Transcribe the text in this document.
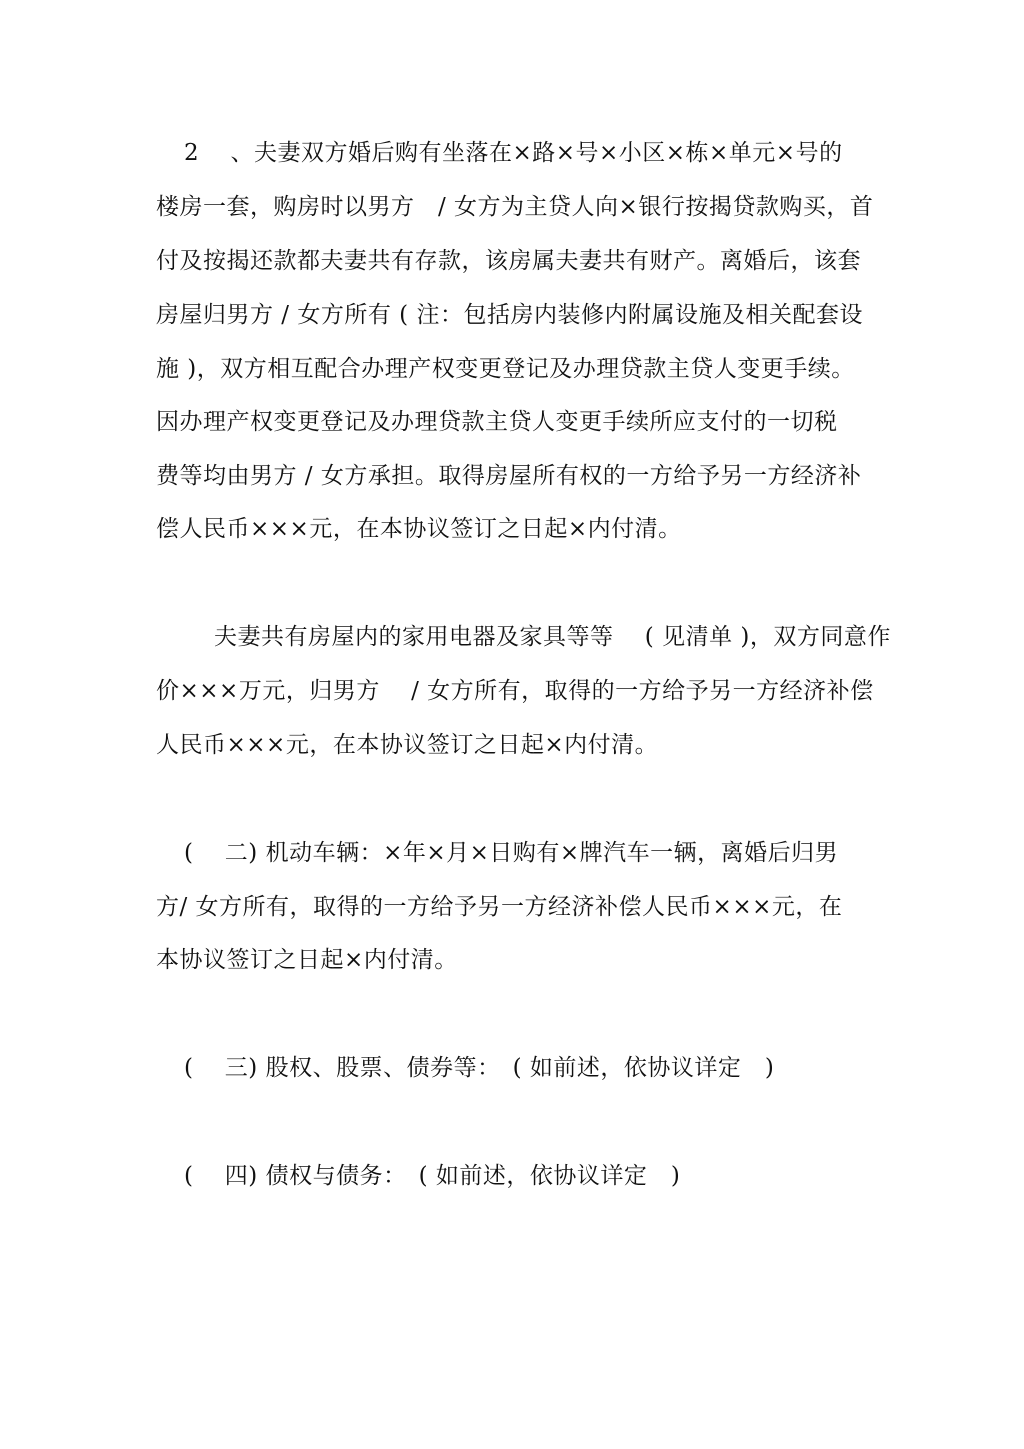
2　 、夫妻双方婚后购有坐落在×路×号×小区×栋×单元×号的
楼房一套，购房时以男方　/ 女方为主贷人向×银行按揭贷款购买，首
付及按揭还款都夫妻共有存款，该房属夫妻共有财产。离婚后，该套
房屋归男方 / 女方所有 ( 注：包括房内装修内附属设施及相关配套设
施 )，双方相互配合办理产权变更登记及办理贷款主贷人变更手续。
因办理产权变更登记及办理贷款主贷人变更手续所应支付的一切税
费等均由男方 / 女方承担。取得房屋所有权的一方给予另一方经济补
偿人民币×××元，在本协议签订之日起×内付清。
夫妻共有房屋内的家用电器及家具等等　 ( 见清单 )，双方同意作
价×××万元，归男方　 / 女方所有，取得的一方给予另一方经济补偿
人民币×××元，在本协议签订之日起×内付清。
(　 二) 机动车辆：×年×月×日购有×牌汽车一辆，离婚后归男
方/ 女方所有，取得的一方给予另一方经济补偿人民币×××元，在
本协议签订之日起×内付清。
(　 三) 股权、股票、债券等：　( 如前述，依协议详定　)
(　 四) 债权与债务：　( 如前述，依协议详定　)
